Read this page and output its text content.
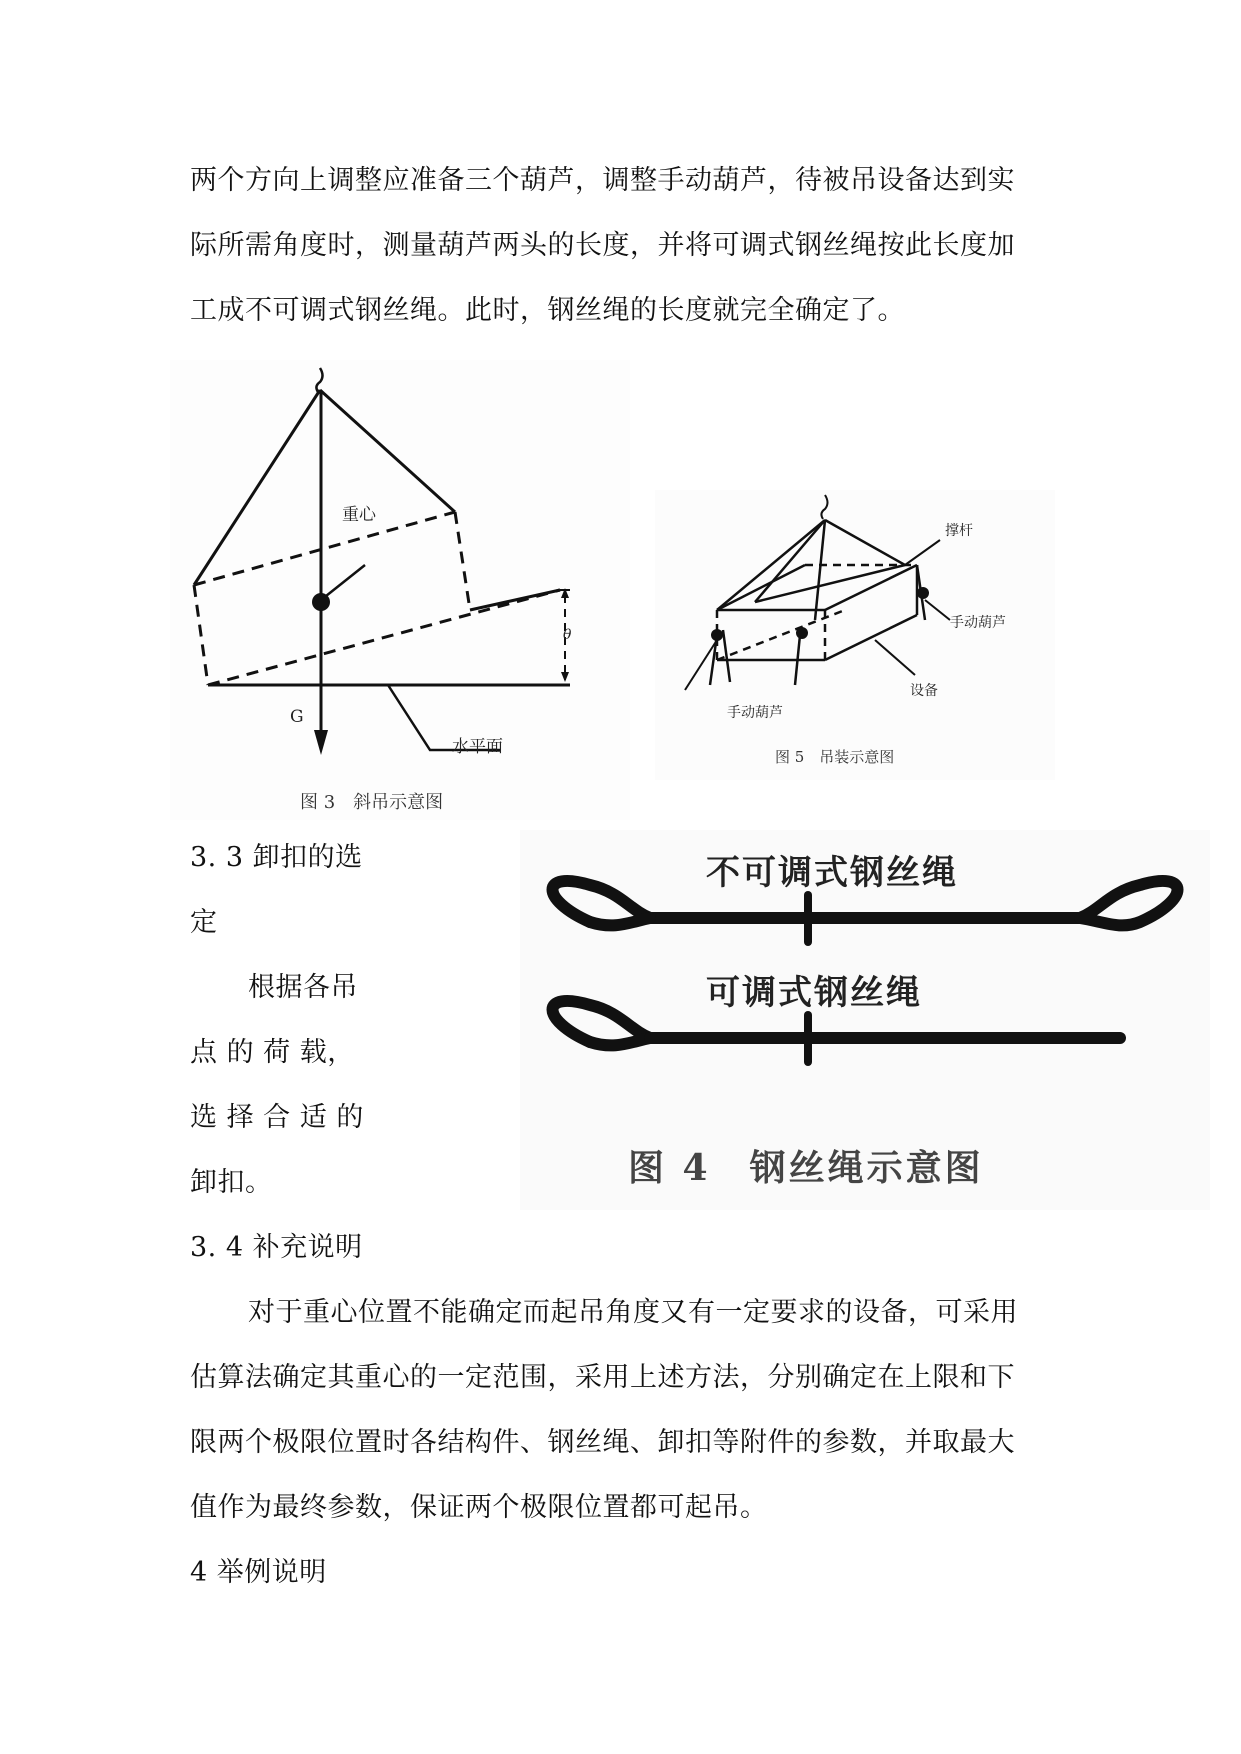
两个方向上调整应准备三个葫芦，调整手动葫芦，待被吊设备达到实
际所需角度时，测量葫芦两头的长度，并将可调式钢丝绳按此长度加
工成不可调式钢丝绳。此时，钢丝绳的长度就完全确定了。
重心
G
θ
水平面
图 3　斜吊示意图
撑杆
手动葫芦
手动葫芦
设备
图 5　吊装示意图
3. 3 卸扣的选
定
根据各吊
点 的 荷 载，
选 择 合 适 的
卸扣。
不可调式钢丝绳
可调式钢丝绳
图 4　钢丝绳示意图
3. 4 补充说明
对于重心位置不能确定而起吊角度又有一定要求的设备，可采用
估算法确定其重心的一定范围，采用上述方法，分别确定在上限和下
限两个极限位置时各结构件、钢丝绳、卸扣等附件的参数，并取最大
值作为最终参数，保证两个极限位置都可起吊。
4 举例说明
